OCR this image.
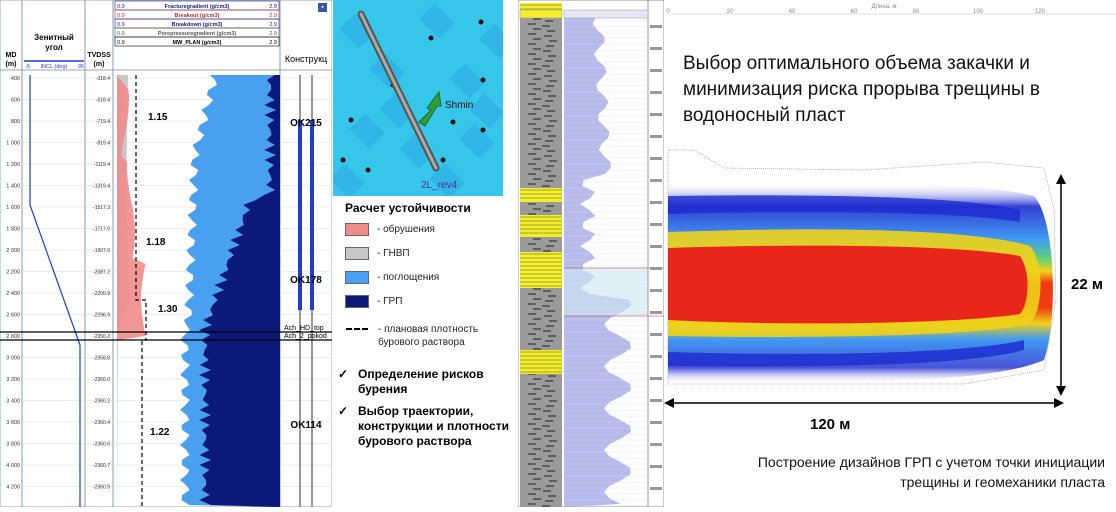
MD
(m)
Зенитный
угол
-5 INCL (deg) 95
TVDSS
(m)
0.9	Fracturegradient (g/cm3)	2.9
0.9	Breakout (g/cm3)	2.9
0.9	Breakdown (g/cm3)	2.9
0.9	Porepressuregradient (g/cm3)	2.9
0.9	MW_PLAN (g/cm3)	2.9
Конструкц
400
600
800
1 000
1 200
1 400
1 600
1 800
2 000
2 200
2 400
2 600
2 800
3 000
3 200
3 400
3 600
3 800
4 000
4 200
-318.4
-518.4
-719.4
-919.4
-1119.4
-1319.4
-1517.3
-1717.0
-1907.0
-2087.2
-2200.9
-2296.9
-2350.2
-2358.8
-2360.0
-2360.2
-2360.4
-2360.6
-2360.7
-2360.9
1.15
1.18
1.30
1.22
OK215
OK178
OK114
Ach_HD_top
Ach_2_pokod
▪
Shmin
2L_rev4
Расчет устойчивости
- обрушения
- ГНВП
- поглощения
- ГРП
- плановая плотность бурового раствора
✓ Определение рисков бурения
✓ Выбор траектории, конструкции и плотности бурового раствора
Выбор оптимального объема закачки и минимизация риска прорыва трещины в водоносный пласт
Длина, м
0	20	40	60	80	100	120
22 м
120 м
Построение дизайнов ГРП с учетом точки инициации трещины и геомеханики пласта
